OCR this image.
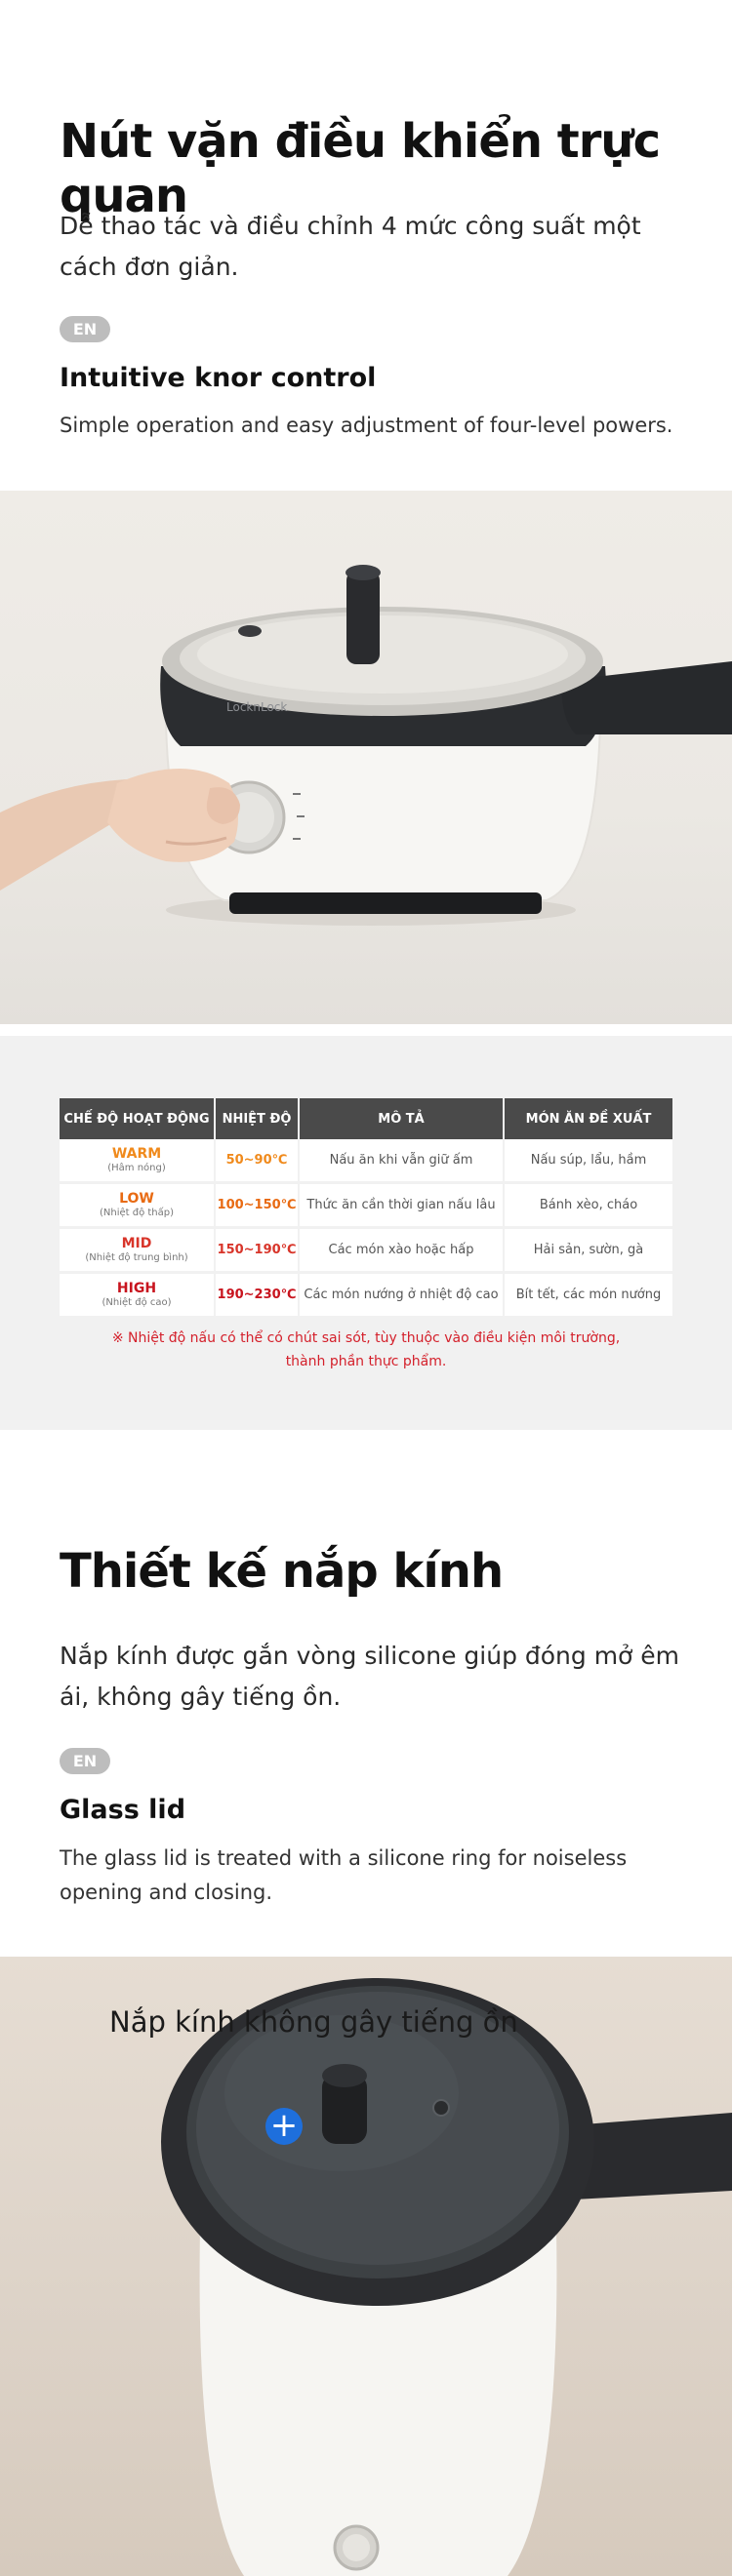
Nút vặn điều khiển trực quan

Dễ thao tác và điều chỉnh 4 mức công suất một cách đơn giản.

EN
Intuitive knor control

Simple operation and easy adjustment of four-level powers.

LocknLock
CHẾ ĐỘ HOẠT ĐỘNG	NHIỆT ĐỘ	MÔ TẢ	MÓN ĂN ĐỀ XUẤT

WARM
(Hâm nóng)	50~90℃	Nấu ăn khi vẫn giữ ấm	Nấu súp, lẩu, hầm

LOW
(Nhiệt độ thấp)	100~150℃	Thức ăn cần thời gian nấu lâu	Bánh xèo, cháo

MID
(Nhiệt độ trung bình)	150~190℃	Các món xào hoặc hấp	Hải sản, sườn, gà

HIGH
(Nhiệt độ cao)	190~230℃	Các món nướng ở nhiệt độ cao	Bít tết, các món nướng
※ Nhiệt độ nấu có thể có chút sai sót, tùy thuộc vào điều kiện môi trường,
thành phần thực phẩm.
Thiết kế nắp kính

Nắp kính được gắn vòng silicone giúp đóng mở êm ái, không gây tiếng ồn.

EN
Glass lid

The glass lid is treated with a silicone ring for noiseless opening and closing.

Nắp kính không gây tiếng ồn
+
